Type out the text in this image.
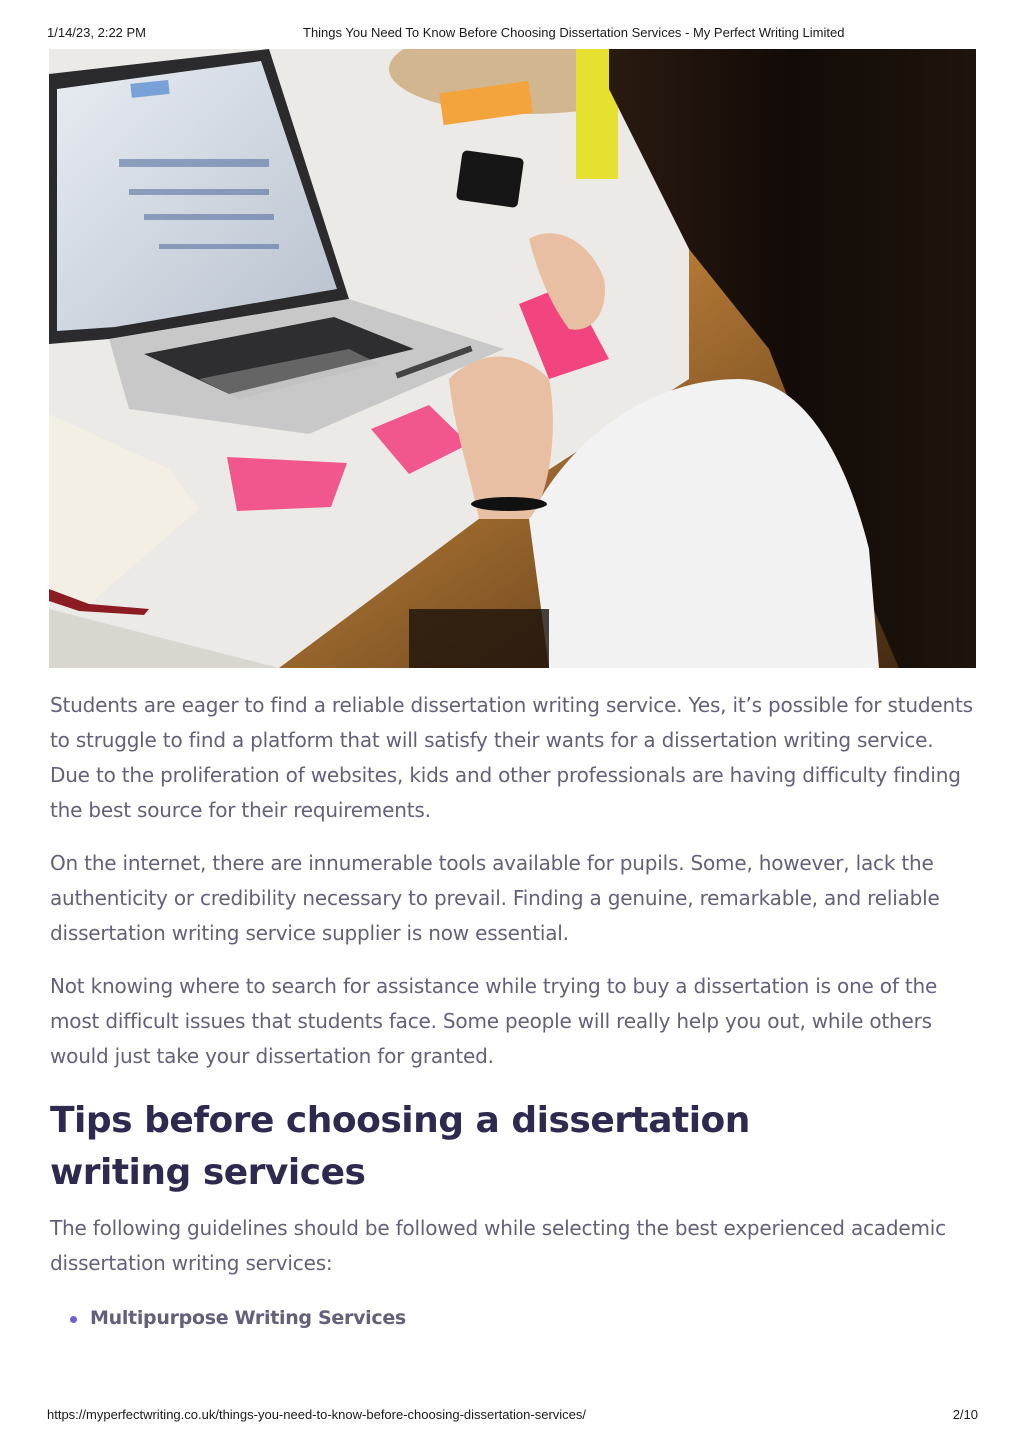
1/14/23, 2:22 PM	Things You Need To Know Before Choosing Dissertation Services - My Perfect Writing Limited

Students are eager to find a reliable dissertation writing service. Yes, it’s possible for students to struggle to find a platform that will satisfy their wants for a dissertation writing service. Due to the proliferation of websites, kids and other professionals are having difficulty finding the best source for their requirements.

On the internet, there are innumerable tools available for pupils. Some, however, lack the authenticity or credibility necessary to prevail. Finding a genuine, remarkable, and reliable dissertation writing service supplier is now essential.

Not knowing where to search for assistance while trying to buy a dissertation is one of the most difficult issues that students face. Some people will really help you out, while others would just take your dissertation for granted.

Tips before choosing a dissertation writing services

The following guidelines should be followed while selecting the best experienced academic dissertation writing services:

Multipurpose Writing Services
https://myperfectwriting.co.uk/things-you-need-to-know-before-choosing-dissertation-services/	2/10
